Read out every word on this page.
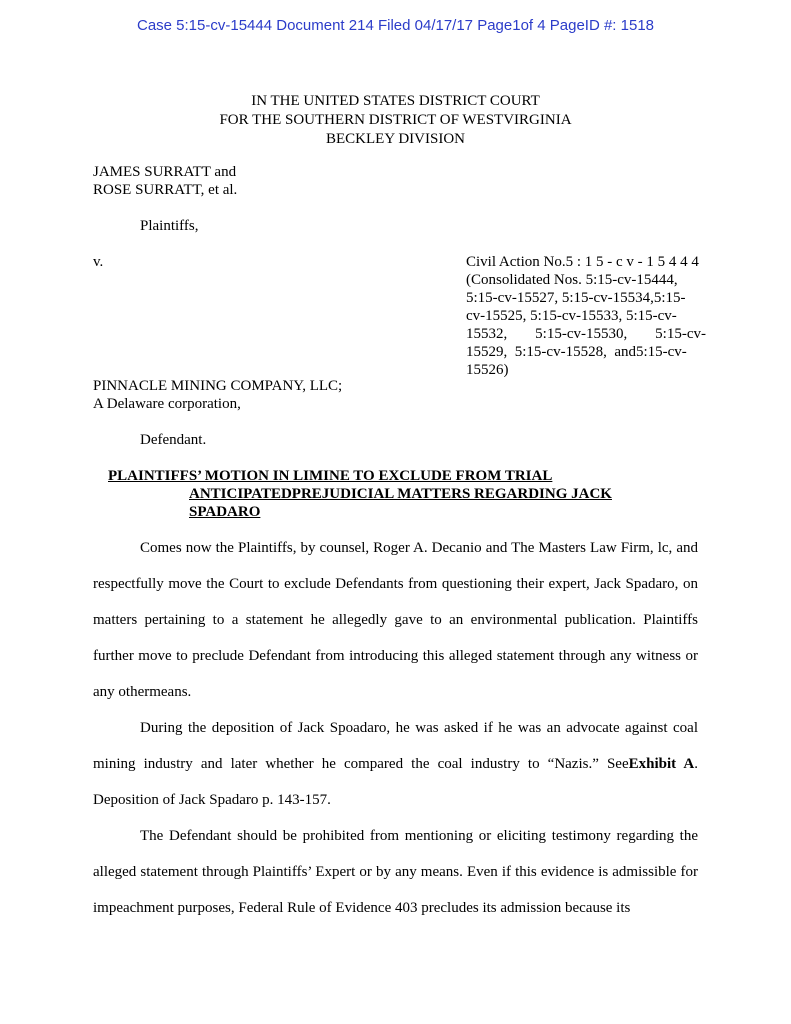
Case 5:15-cv-15444 Document 214 Filed 04/17/17 Page1of 4 PageID #: 1518
IN THE UNITED STATES DISTRICT COURT
FOR THE SOUTHERN DISTRICT OF WESTVIRGINIA
BECKLEY DIVISION
JAMES SURRATT and
ROSE SURRATT, et al.
Plaintiffs,
v.	Civil Action No.5 : 1 5 - c v - 1 5 4 4 4
(Consolidated Nos. 5:15-cv-15444,
5:15-cv-15527, 5:15-cv-15534,5:15-
cv-15525, 5:15-cv-15533, 5:15-cv-
15532, 5:15-cv-15530, 5:15-cv-
15529,  5:15-cv-15528,  and5:15-cv-
15526)
PINNACLE MINING COMPANY, LLC;
A Delaware corporation,
Defendant.
PLAINTIFFS’ MOTION IN LIMINE TO EXCLUDE FROM TRIAL
ANTICIPATEDPREJUDICIAL MATTERS REGARDING JACK
SPADARO

Comes now the Plaintiffs, by counsel, Roger A. Decanio and The Masters Law Firm, lc, and respectfully move the Court to exclude Defendants from questioning their expert, Jack Spadaro, on matters pertaining to a statement he allegedly gave to an environmental publication. Plaintiffs further move to preclude Defendant from introducing this alleged statement through any witness or any othermeans.

During the deposition of Jack Spoadaro, he was asked if he was an advocate against coal mining industry and later whether he compared the coal industry to “Nazis.” SeeExhibit A. Deposition of Jack Spadaro p. 143-157.

The Defendant should be prohibited from mentioning or eliciting testimony regarding the alleged statement through Plaintiffs’ Expert or by any means. Even if this evidence is admissible for impeachment purposes, Federal Rule of Evidence 403 precludes its admission because its
